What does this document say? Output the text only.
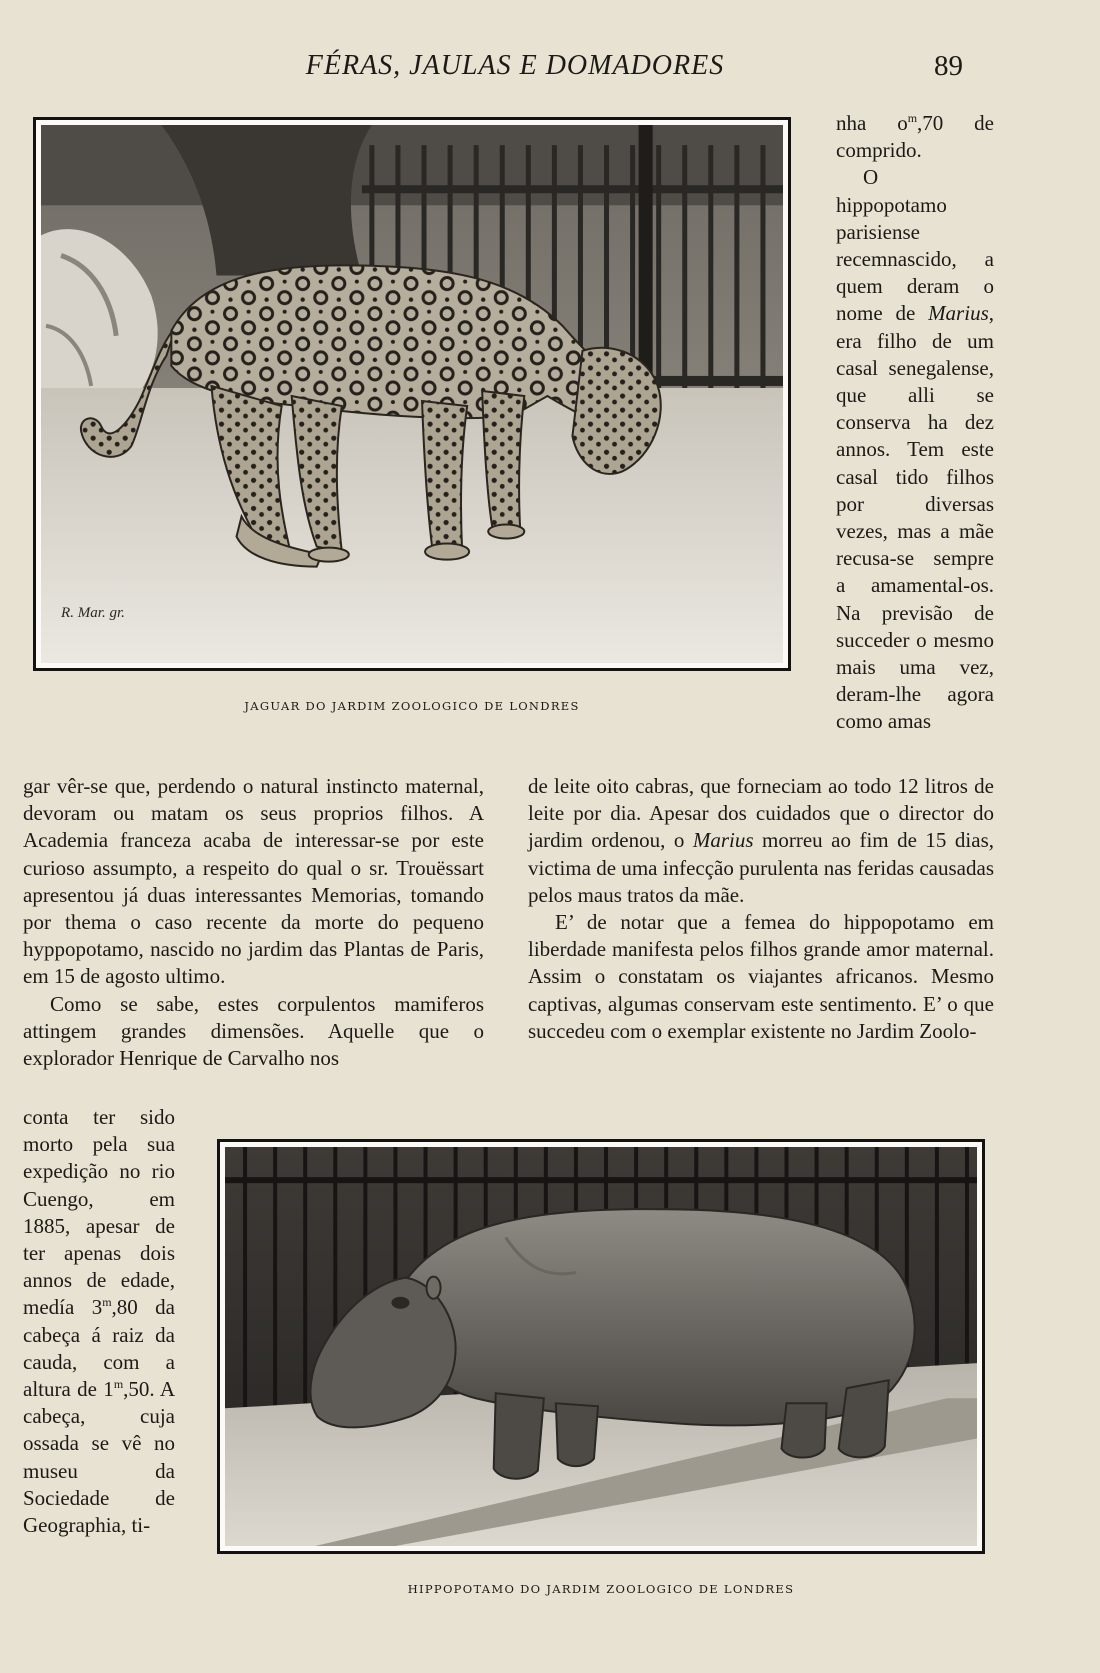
FÉRAS, JAULAS E DOMADORES	89
R. Mar. gr.
JAGUAR DO JARDIM ZOOLOGICO DE LONDRES

nha $o^m,70$ de comprido.

O hippopotamo parisiense recemnascido, a quem deram o nome de Marius, era filho de um casal senegalense, que alli se conserva ha dez annos. Tem este casal tido filhos por diversas vezes, mas a mãe recusa-se sempre a amamental-os. Na previsão de succeder o mesmo mais uma vez, deram-lhe agora como amas

gar vêr-se que, perdendo o natural instincto maternal, devoram ou matam os seus proprios filhos. A Academia franceza acaba de interessar-se por este curioso assumpto, a respeito do qual o sr. Trouëssart apresentou já duas interessantes Memorias, tomando por thema o caso recente da morte do pequeno hyppopotamo, nascido no jardim das Plantas de Paris, em 15 de agosto ultimo.

Como se sabe, estes corpulentos mamiferos attingem grandes dimensões. Aquelle que o explorador Henrique de Carvalho nos

de leite oito cabras, que forneciam ao todo 12 litros de leite por dia. Apesar dos cuidados que o director do jardim ordenou, o Marius morreu ao fim de 15 dias, victima de uma infecção purulenta nas feridas causadas pelos maus tratos da mãe.

E’ de notar que a femea do hippopotamo em liberdade manifesta pelos filhos grande amor maternal. Assim o constatam os viajantes africanos. Mesmo captivas, algumas conservam este sentimento. E’ o que succedeu com o exemplar existente no Jardim Zoolo-

conta ter sido morto pela sua expedição no rio Cuengo, em 1885, apesar de ter apenas dois annos de edade, medía 3$^m$,80 da cabeça á raiz da cauda, com a altura de 1$^m$,50. A cabeça, cuja ossada se vê no museu da Sociedade de Geographia, ti-

HIPPOPOTAMO DO JARDIM ZOOLOGICO DE LONDRES
